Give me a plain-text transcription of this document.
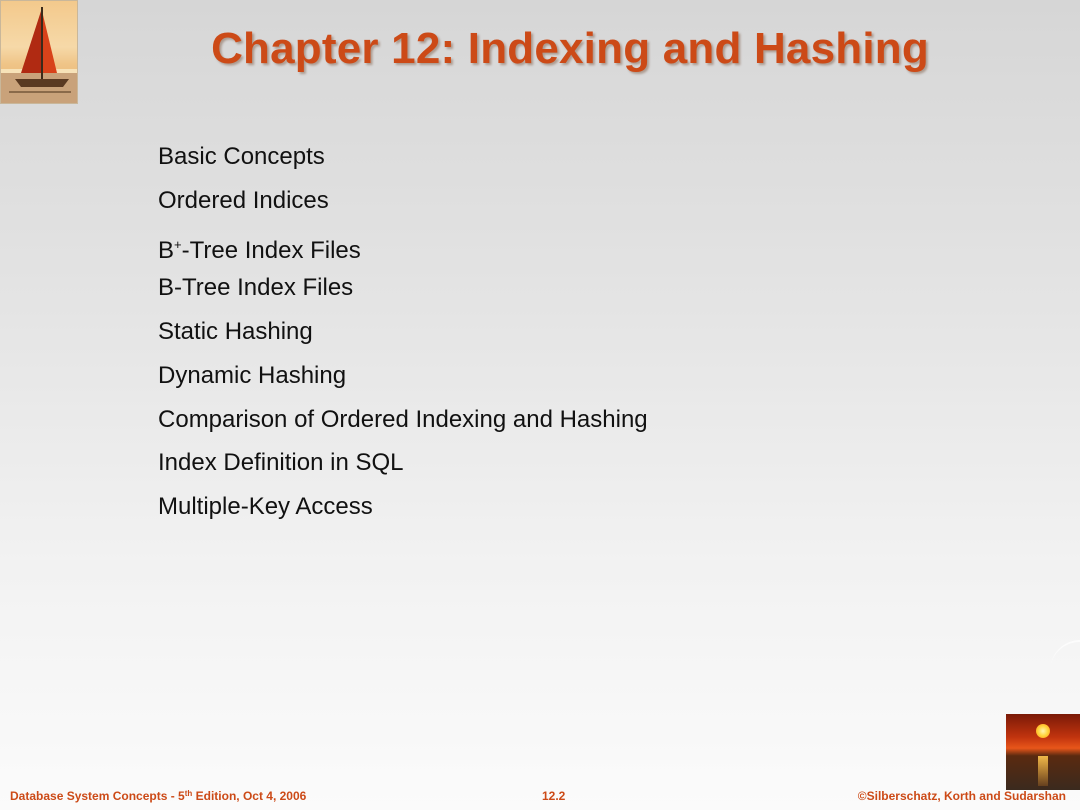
Chapter 12: Indexing and Hashing
Basic Concepts
Ordered Indices
B+-Tree Index Files
B-Tree Index Files
Static Hashing
Dynamic Hashing
Comparison of Ordered Indexing and Hashing
Index Definition in SQL
Multiple-Key Access
Database System Concepts - 5th Edition, Oct 4, 2006	12.2	©Silberschatz, Korth and Sudarshan
